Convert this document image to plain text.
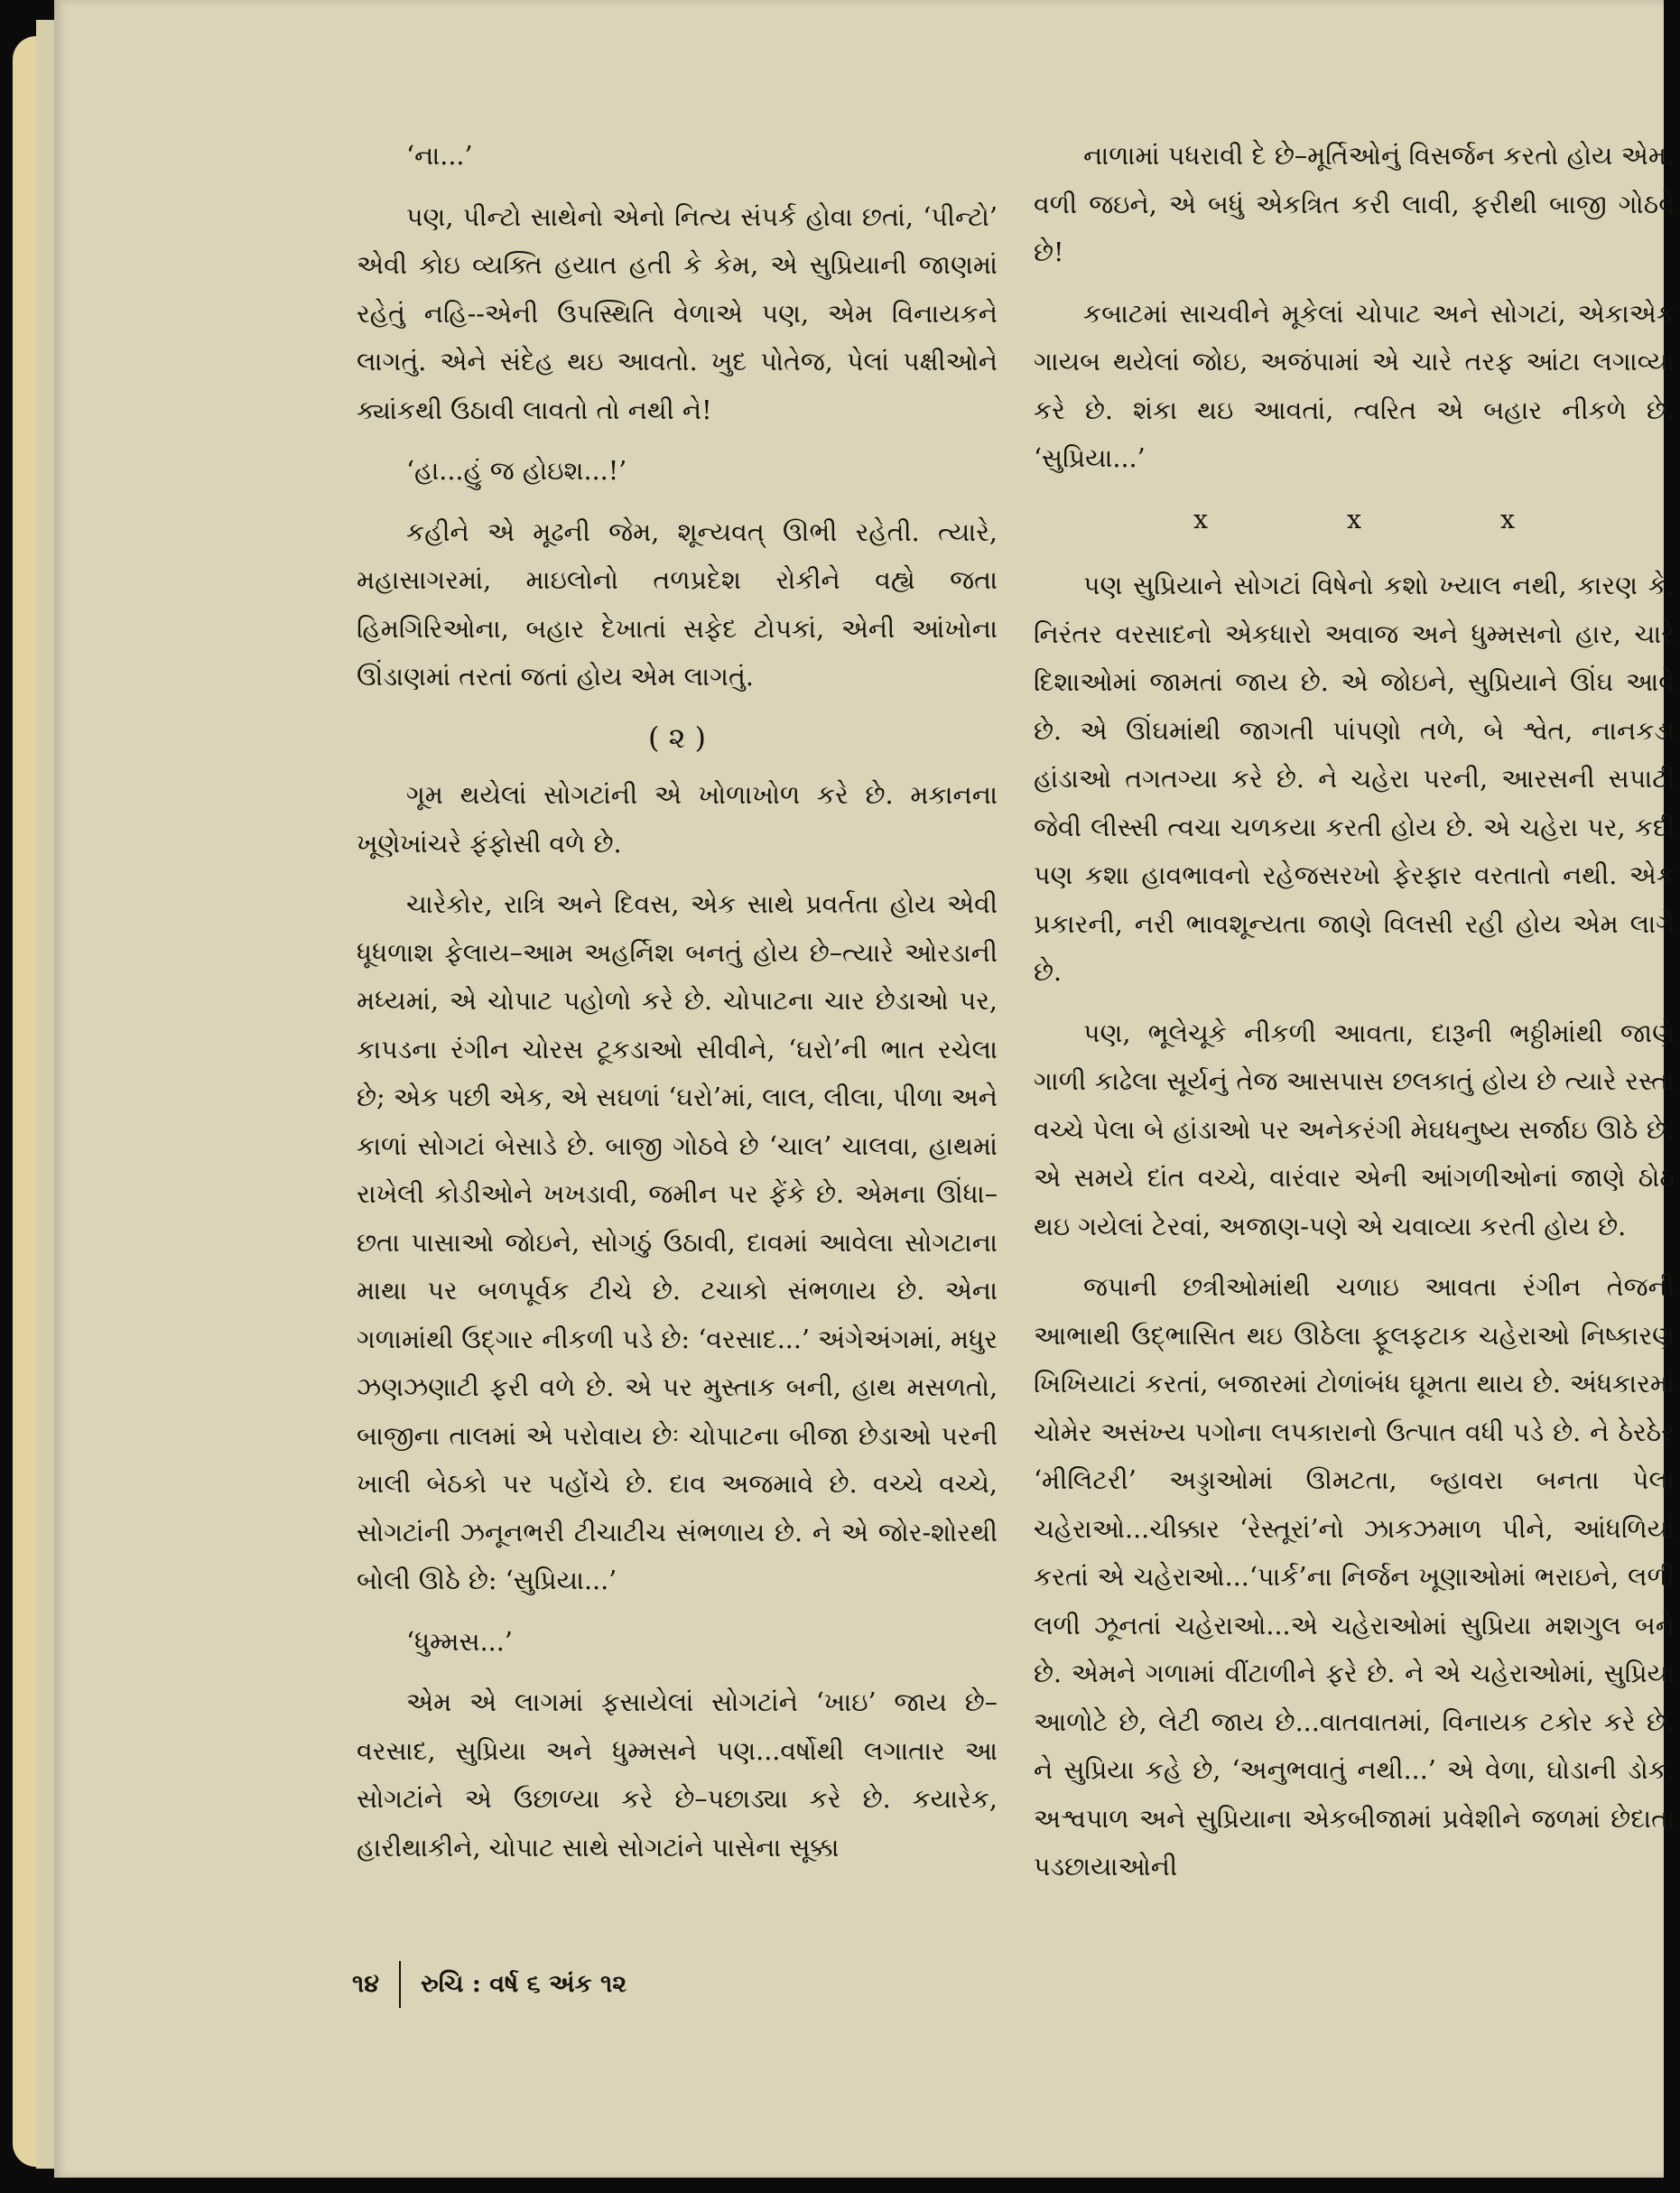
‘ના...’

પણ, પીન્ટો સાથેનો એનો નિત્ય સંપર્ક હોવા છતાં, ‘પીન્ટો’ એવી કોઇ વ્યક્તિ હયાત હતી કે કેમ, એ સુપ્રિયાની જાણમાં રહેતું નહિ--એની ઉપસ્થિતિ વેળાએ પણ, એમ વિનાયકને લાગતું. એને સંદેહ થઇ આવતો. ખુદ પોતેજ, પેલાં પક્ષીઓને ક્યાંકથી ઉઠાવી લાવતો તો નથી ને!

‘હા...હું જ હોઇશ...!’

કહીને એ મૂઢની જેમ, શૂન્યવત્ ઊભી રહેતી. ત્યારે, મહાસાગરમાં, માઇલોનો તળપ્રદેશ રોકીને વહ્યે જતા હિમગિરિઓના, બહાર દેખાતાં સફેદ ટોપકાં, એની આંખોના ઊંડાણમાં તરતાં જતાં હોય એમ લાગતું.

( ૨ )

ગૂમ થયેલાં સોગટાંની એ ખોળાખોળ કરે છે. મકાનના ખૂણેખાંચરે ફંફોસી વળે છે.

ચારેકોર, રાત્રિ અને દિવસ, એક સાથે પ્રવર્તતા હોય એવી ધૂધળાશ ફેલાય–આમ અહર્નિશ બનતું હોય છે–ત્યારે ઓરડાની મધ્યમાં, એ ચોપાટ પહોળો કરે છે. ચોપાટના ચાર છેડાઓ પર, કાપડના રંગીન ચોરસ ટૂકડાઓ સીવીને, ‘ઘરો’ની ભાત રચેલા છે; એક પછી એક, એ સઘળાં ‘ઘરો’માં, લાલ, લીલા, પીળા અને કાળાં સોગટાં બેસાડે છે. બાજી ગોઠવે છે ‘ચાલ’ ચાલવા, હાથમાં રાખેલી કોડીઓને ખખડાવી, જમીન પર ફેંકે છે. એમના ઊંધા–છતા પાસાઓ જોઇને, સોગઠું ઉઠાવી, દાવમાં આવેલા સોગટાના માથા પર બળપૂર્વક ટીચે છે. ટચાકો સંભળાય છે. એના ગળામાંથી ઉદ્ગાર નીકળી પડે છે: ‘વરસાદ...’ અંગેઅંગમાં, મધુર ઝણઝણાટી ફરી વળે છે. એ પર મુસ્તાક બની, હાથ મસળતો, બાજીના તાલમાં એ પરોવાય છેઃ ચોપાટના બીજા છેડાઓ પરની ખાલી બેઠકો પર પહોંચે છે. દાવ અજમાવે છે. વચ્ચે વચ્ચે, સોગટાંની ઝનૂનભરી ટીચાટીચ સંભળાય છે. ને એ જોર-શોરથી બોલી ઊઠે છે: ‘સુપ્રિયા...’

‘ધુમ્મસ...’

એમ એ લાગમાં ફસાયેલાં સોગટાંને ‘ખાઇ’ જાય છે–વરસાદ, સુપ્રિયા અને ધુમ્મસને પણ...વર્ષોથી લગાતાર આ સોગટાંને એ ઉછાળ્યા કરે છે–પછાડ્યા કરે છે. કયારેક, હારીથાકીને, ચોપાટ સાથે સોગટાંને પાસેના સૂક્કા

નાળામાં પધરાવી દે છે–મૂર્તિઓનું વિસર્જન કરતો હોય એમ. વળી જઇને, એ બધું એકત્રિત કરી લાવી, ફરીથી બાજી ગોઠવે છે!

કબાટમાં સાચવીને મૂકેલાં ચોપાટ અને સોગટાં, એકાએક ગાયબ થયેલાં જોઇ, અજંપામાં એ ચારે તરફ આંટા લગાવ્યા કરે છે. શંકા થઇ આવતાં, ત્વરિત એ બહાર નીકળે છે. ‘સુપ્રિયા...’

x	x	x

પણ સુપ્રિયાને સોગટાં વિષેનો કશો ખ્યાલ નથી, કારણ કે, નિરંતર વરસાદનો એકધારો અવાજ અને ધુમ્મસનો હાર, ચારે દિશાઓમાં જામતાં જાય છે. એ જોઇને, સુપ્રિયાને ઊંઘ આવે છે. એ ઊંઘમાંથી જાગતી પાંપણો તળે, બે શ્વેત, નાનકડા હાંડાઓ તગતગ્યા કરે છે. ને ચહેરા પરની, આરસની સપાટી જેવી લીસ્સી ત્વચા ચળકયા કરતી હોય છે. એ ચહેરા પર, કદી પણ કશા હાવભાવનો રહેજસરખો ફેરફાર વરતાતો નથી. એક પ્રકારની, નરી ભાવશૂન્યતા જાણે વિલસી રહી હોય એમ લાગે છે.

પણ, ભૂલેચૂકે નીકળી આવતા, દારૂની ભઠ્ઠીમાંથી જાણે ગાળી કાઢેલા સૂર્યનું તેજ આસપાસ છલકાતું હોય છે ત્યારે રસ્તા વચ્ચે પેલા બે હાંડાઓ પર અનેકરંગી મેઘધનુષ્ય સર્જાઇ ઊઠે છે. એ સમયે દાંત વચ્ચે, વારંવાર એની આંગળીઓનાં જાણે ઠોઠ થઇ ગયેલાં ટેરવાં, અજાણ-પણે એ ચવાવ્યા કરતી હોય છે.

જપાની છત્રીઓમાંથી ચળાઇ આવતા રંગીન તેજની આભાથી ઉદ્ભાસિત થઇ ઊઠેલા ફૂલફટાક ચહેરાઓ નિષ્કારણ ખિખિયાટાં કરતાં, બજારમાં ટોળાંબંધ ઘૂમતા થાય છે. અંધકારમાં ચોમેર અસંખ્ય પગોના લપકારાનો ઉત્પાત વધી પડે છે. ને ઠેરઠેર ‘મીલિટરી’ અડ્ડાઓમાં ઊમટતા, બ્હાવરા બનતા પેલા ચહેરાઓ...ચીક્કાર ‘રેસ્તૂરાં’નો ઝાકઝમાળ પીને, આંધળિયાં કરતાં એ ચહેરાઓ...‘પાર્ક’ના નિર્જન ખૂણાઓમાં ભરાઇને, લળી લળી ઝૂનતાં ચહેરાઓ...એ ચહેરાઓમાં સુપ્રિયા મશગુલ બને છે. એમને ગળામાં વીંટાળીને ફરે છે. ને એ ચહેરાઓમાં, સુપ્રિયા આળોટે છે, લેટી જાય છે...વાતવાતમાં, વિનાયક ટકોર કરે છે. ને સુપ્રિયા કહે છે, ‘અનુભવાતું નથી...’ એ વેળા, ઘોડાની ડોક, અશ્વપાળ અને સુપ્રિયાના એકબીજામાં પ્રવેશીને જળમાં છેદાતા પડછાયાઓની

૧૪ રુચિ : વર્ષ ૬ અંક ૧૨
